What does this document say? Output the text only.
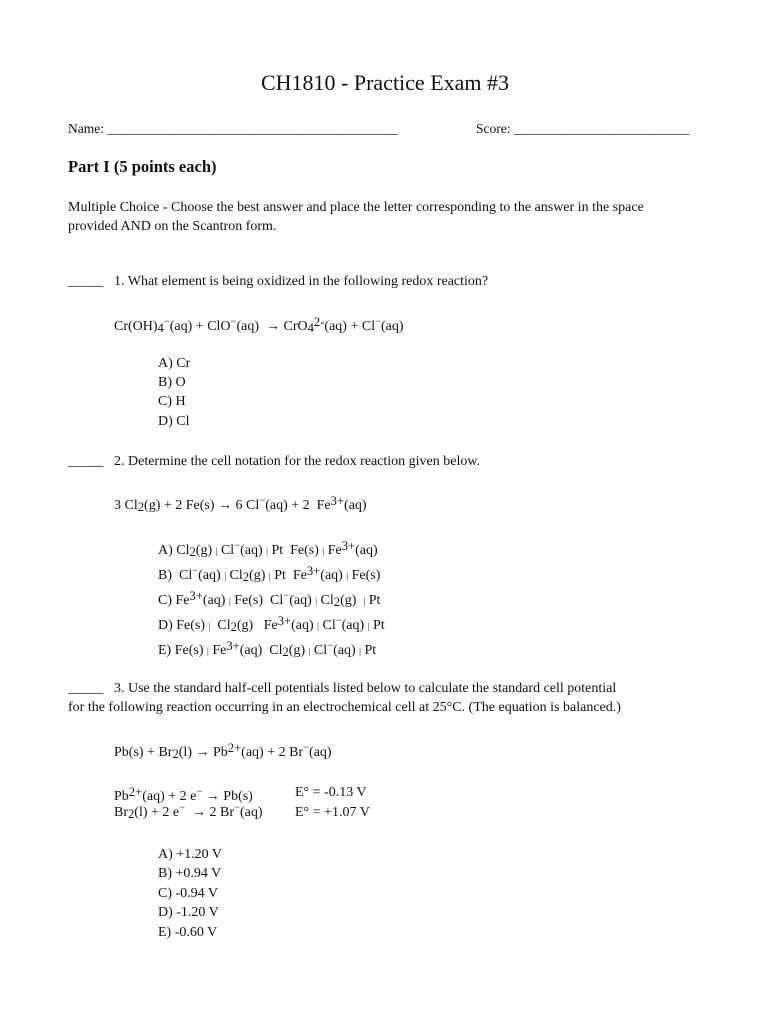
CH1810 - Practice Exam #3
Name: ___________________________________________	Score: __________________________
Part I (5 points each)
Multiple Choice - Choose the best answer and place the letter corresponding to the answer in the space
provided AND on the Scantron form.
_____ 1. What element is being oxidized in the following redox reaction?
Cr(OH)4−(aq) + ClO−(aq)  → CrO42-(aq) + Cl−(aq)
A) Cr
B) O
C) H
D) Cl
_____ 2. Determine the cell notation for the redox reaction given below.
3 Cl2(g) + 2 Fe(s) → 6 Cl−(aq) + 2  Fe3+(aq)
A) Cl2(g) | Cl−(aq) | Pt  Fe(s) | Fe3+(aq)
B)  Cl−(aq) | Cl2(g) | Pt  Fe3+(aq) | Fe(s)
C) Fe3+(aq) | Fe(s)  Cl−(aq) | Cl2(g)  | Pt
D) Fe(s) |  Cl2(g)   Fe3+(aq) | Cl−(aq) | Pt
E) Fe(s) | Fe3+(aq)  Cl2(g) | Cl−(aq) | Pt
_____ 3. Use the standard half-cell potentials listed below to calculate the standard cell potential
for the following reaction occurring in an electrochemical cell at 25°C. (The equation is balanced.)
Pb(s) + Br2(l) → Pb2+(aq) + 2 Br−(aq)
Pb2+(aq) + 2 e− → Pb(s)	E° = -0.13 V
Br2(l) + 2 e−  → 2 Br−(aq) E° = +1.07 V
A) +1.20 V
B) +0.94 V
C) -0.94 V
D) -1.20 V
E) -0.60 V
